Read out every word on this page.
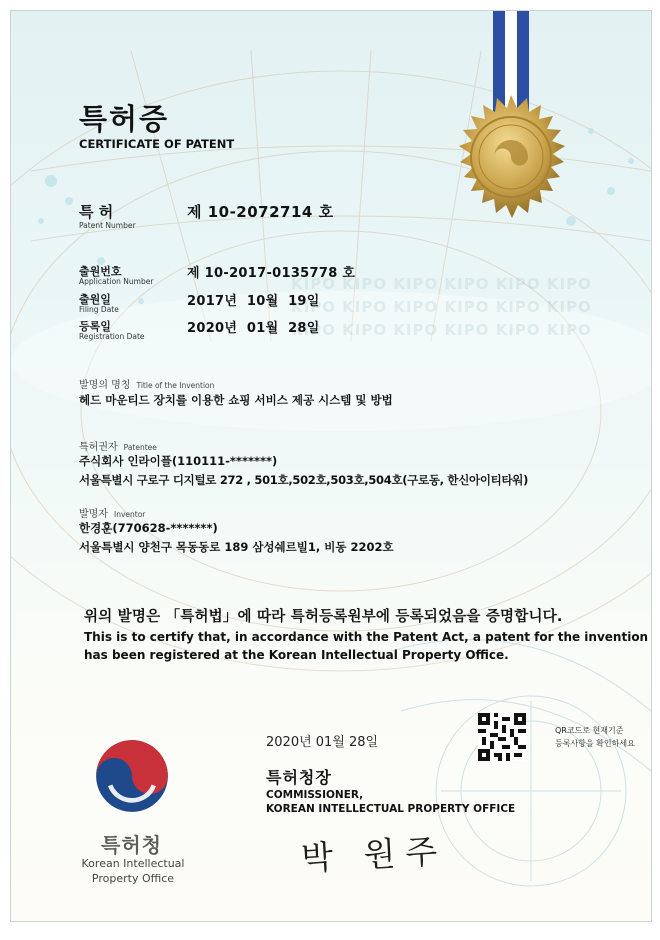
KIPO KIPO KIPO KIPO KIPO KIPO
KIPO KIPO KIPO KIPO KIPO KIPO
KIPO KIPO KIPO KIPO KIPO KIPO
특허증
CERTIFICATE OF PATENT
특 허
Patent Number
제 10-2072714 호
출원번호
Application Number
제 10-2017-0135778 호
출원일
Filing Date
2017년  10월  19일
등록일
Registration Date
2020년  01월  28일
발명의 명칭 Title of the Invention
헤드 마운티드 장치를 이용한 쇼핑 서비스 제공 시스템 및 방법
특허권자 Patentee
주식회사 인라이플(110111-*******)
서울특별시 구로구 디지털로 272 , 501호,502호,503호,504호(구로동, 한신아이티타워)
발명자 Inventor
한경훈(770628-*******)
서울특별시 양천구 목동동로 189 삼성쉐르빌1, 비동 2202호
위의 발명은 「특허법」에 따라 특허등록원부에 등록되었음을 증명합니다.
This is to certify that, in accordance with the Patent Act, a patent for the invention
has been registered at the Korean Intellectual Property Office.
QR코드로 현재기준
등록사항을 확인하세요
2020년 01월 28일
특허청장
COMMISSIONER,
KOREAN INTELLECTUAL PROPERTY OFFICE
박 원주
특허청
Korean Intellectual
Property Office
